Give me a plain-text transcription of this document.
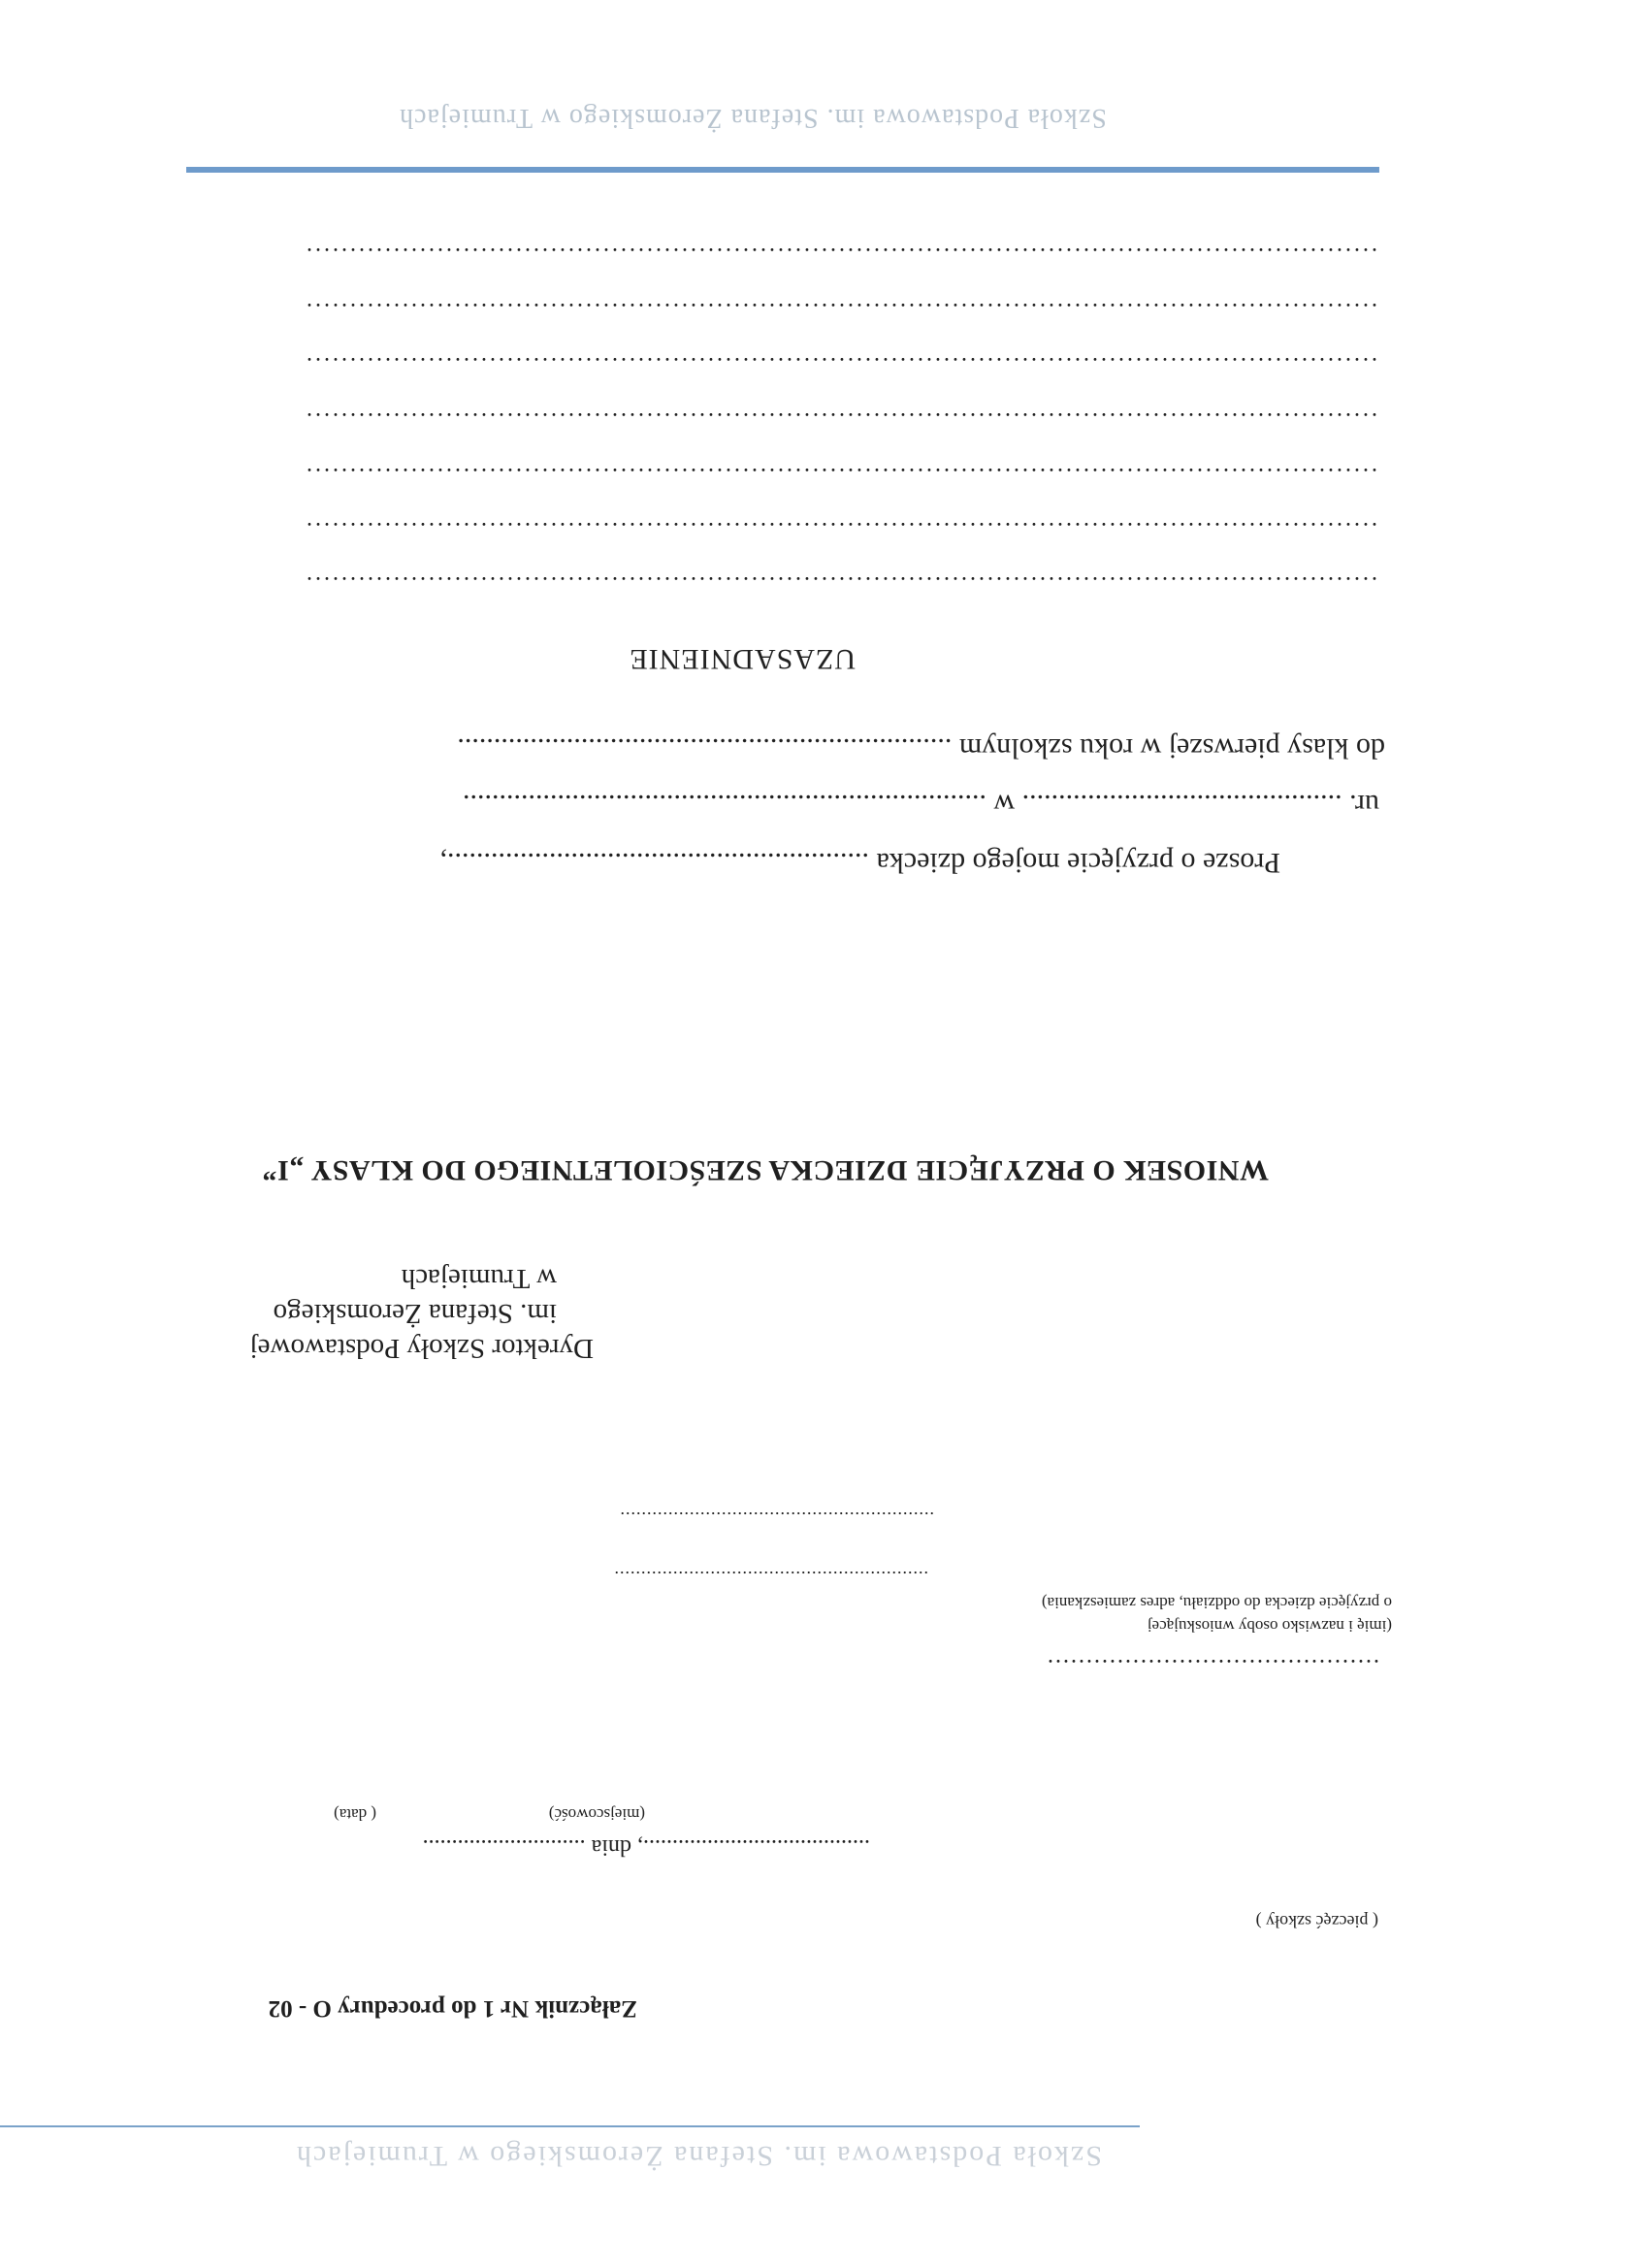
Szkoła Podstawowa im. Stefana Żeromskiego w Trumiejach
Załącznik Nr 1 do procedury O - 02
( pieczęć szkoły )
......................................., dnia ............................
(miejscowość)
( data)
...........................................
(imię i nazwisko osoby wnioskującej
o przyjęcie dziecka do oddziału, adres zamieszkania)
...........................................................
...........................................................
Dyrektor Szkoły Podstawowej
im. Stefana Żeromskiego
w Trumiejach
WNIOSEK O PRZYJĘCIE DZIECKA SZEŚCIOLETNIEGO DO KLASY „I”
Prosze o przyjęcie mojego dziecka ..........................................................,
ur. ............................................ w ........................................................................
do klasy pierwszej w roku szkolnym ....................................................................
UZASADNIENIE
...........................................................................................................................
...........................................................................................................................
...........................................................................................................................
...........................................................................................................................
...........................................................................................................................
...........................................................................................................................
...........................................................................................................................
Szkoła Podstawowa im. Stefana Żeromskiego w Trumiejach
